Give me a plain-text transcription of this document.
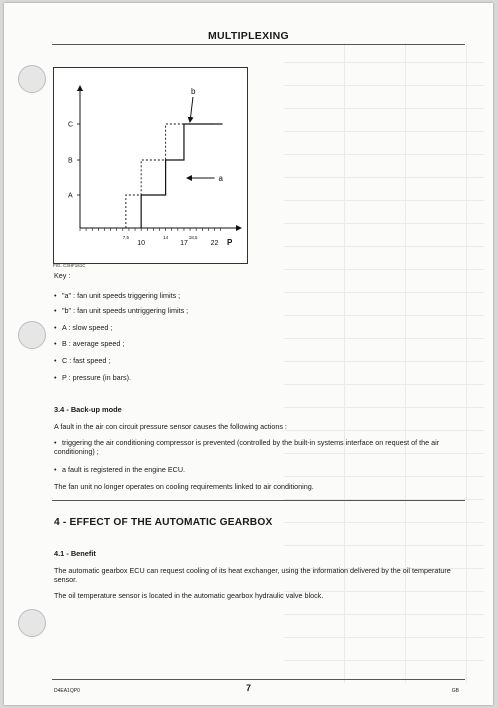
MULTIPLEXING
A
B
C
7,5
10
14
17
18,5
22 P
a
b
FIG. C3HF161C
Key :
• "a" : fan unit speeds triggering limits ;
• "b" : fan unit speeds untriggering limits ;
• A : slow speed ;
• B : average speed ;
• C : fast speed ;
• P : pressure (in bars).
3.4 - Back-up mode
A fault in the air con circuit pressure sensor causes the following actions :
• triggering the air conditioning compressor is prevented (controlled by the built-in systems interface on request of the air conditioning) ;
• a fault is registered in the engine ECU.
The fan unit no longer operates on cooling requirements linked to air conditioning.
4 - EFFECT OF THE AUTOMATIC GEARBOX
4.1 - Benefit
The automatic gearbox ECU can request cooling of its heat exchanger, using the information delivered by the oil temperature sensor.
The oil temperature sensor is located in the automatic gearbox hydraulic valve block.
D4EA1QP0	7	GB
